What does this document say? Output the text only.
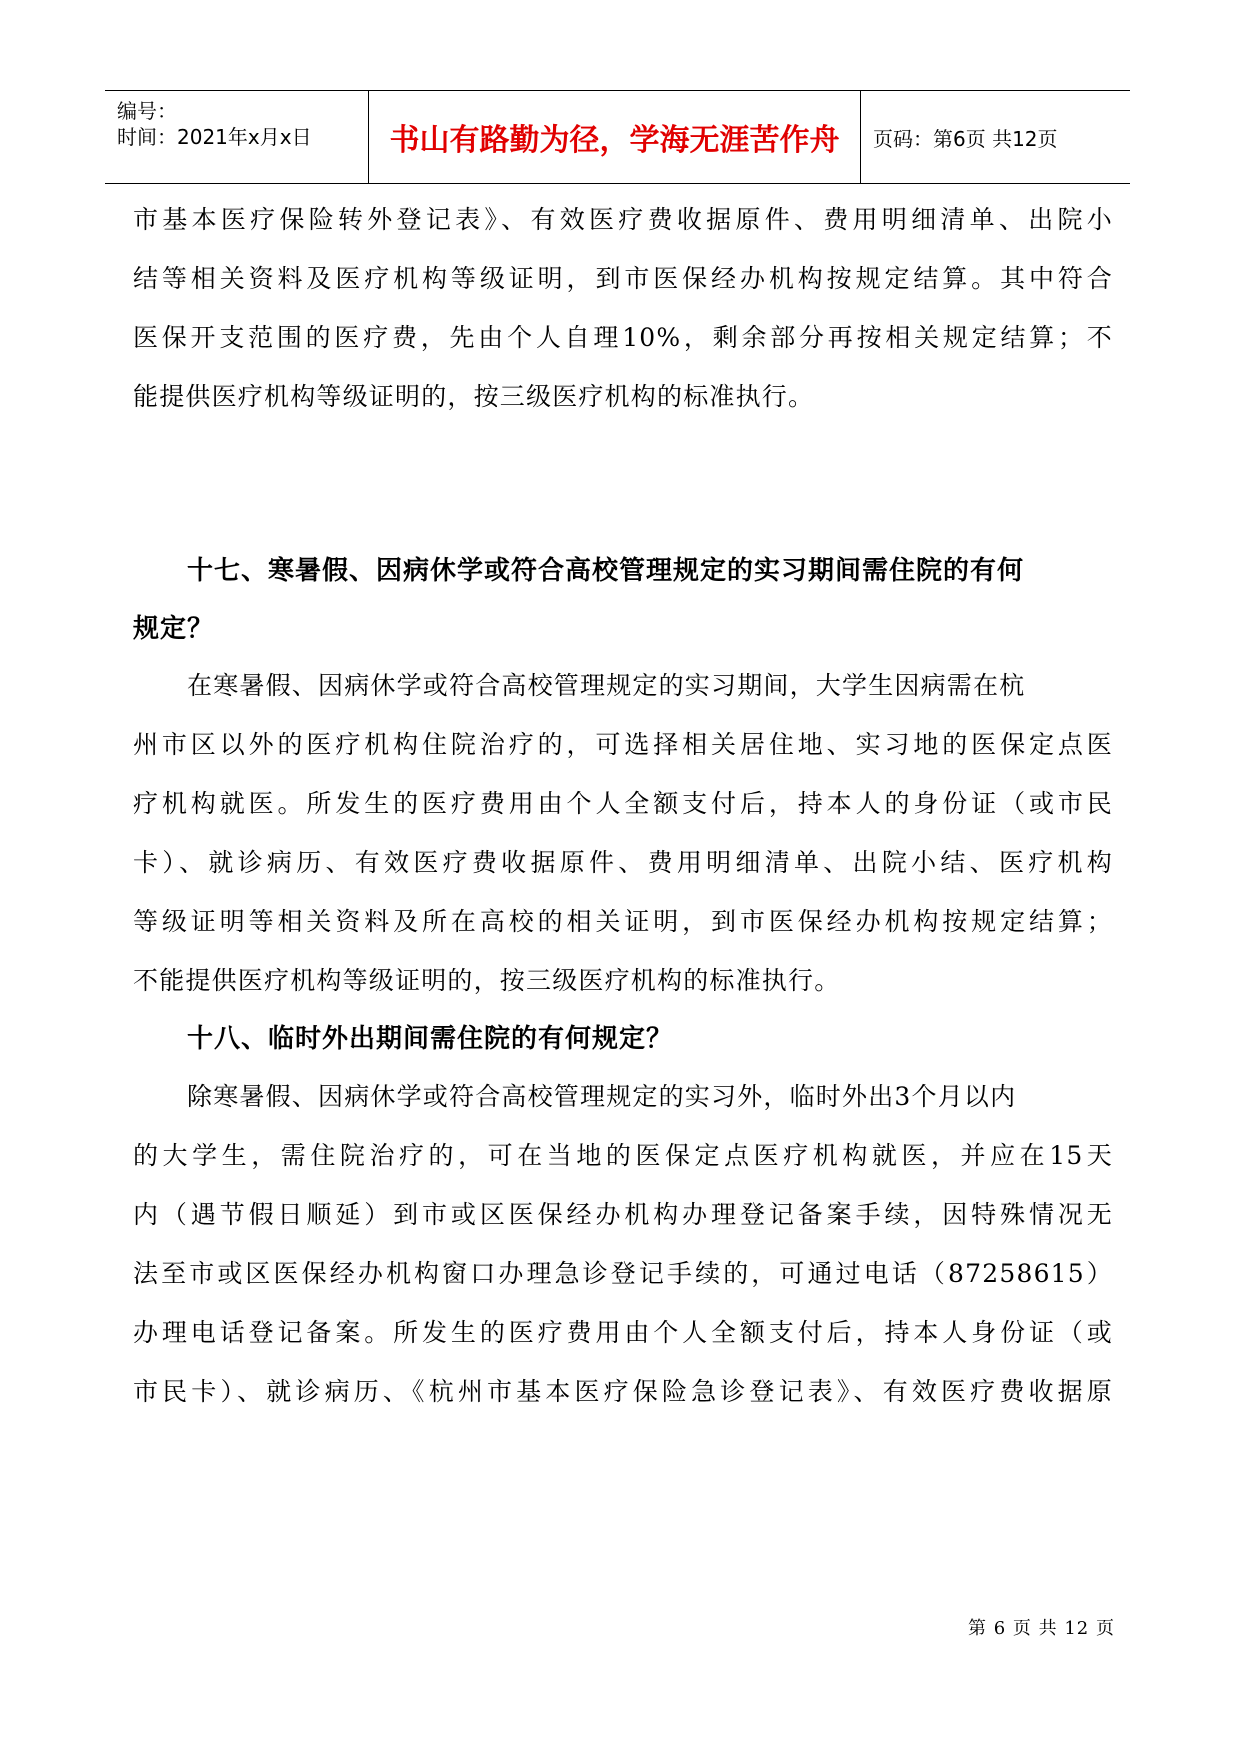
编号：
时间：2021年x月x日	书山有路勤为径，学海无涯苦作舟	页码：第6页 共12页
市基本医疗保险转外登记表》、有效医疗费收据原件、费用明细清单、出院小
结等相关资料及医疗机构等级证明，到市医保经办机构按规定结算。其中符合
医保开支范围的医疗费，先由个人自理10%，剩余部分再按相关规定结算；不
能提供医疗机构等级证明的，按三级医疗机构的标准执行。
十七、寒暑假、因病休学或符合高校管理规定的实习期间需住院的有何
规定？
在寒暑假、因病休学或符合高校管理规定的实习期间，大学生因病需在杭
州市区以外的医疗机构住院治疗的，可选择相关居住地、实习地的医保定点医
疗机构就医。所发生的医疗费用由个人全额支付后，持本人的身份证（或市民
卡）、就诊病历、有效医疗费收据原件、费用明细清单、出院小结、医疗机构
等级证明等相关资料及所在高校的相关证明，到市医保经办机构按规定结算；
不能提供医疗机构等级证明的，按三级医疗机构的标准执行。
十八、临时外出期间需住院的有何规定？
除寒暑假、因病休学或符合高校管理规定的实习外，临时外出3个月以内
的大学生，需住院治疗的，可在当地的医保定点医疗机构就医，并应在15天
内（遇节假日顺延）到市或区医保经办机构办理登记备案手续，因特殊情况无
法至市或区医保经办机构窗口办理急诊登记手续的，可通过电话（87258615）
办理电话登记备案。所发生的医疗费用由个人全额支付后，持本人身份证（或
市民卡）、就诊病历、《杭州市基本医疗保险急诊登记表》、有效医疗费收据原
第 6 页 共 12 页
